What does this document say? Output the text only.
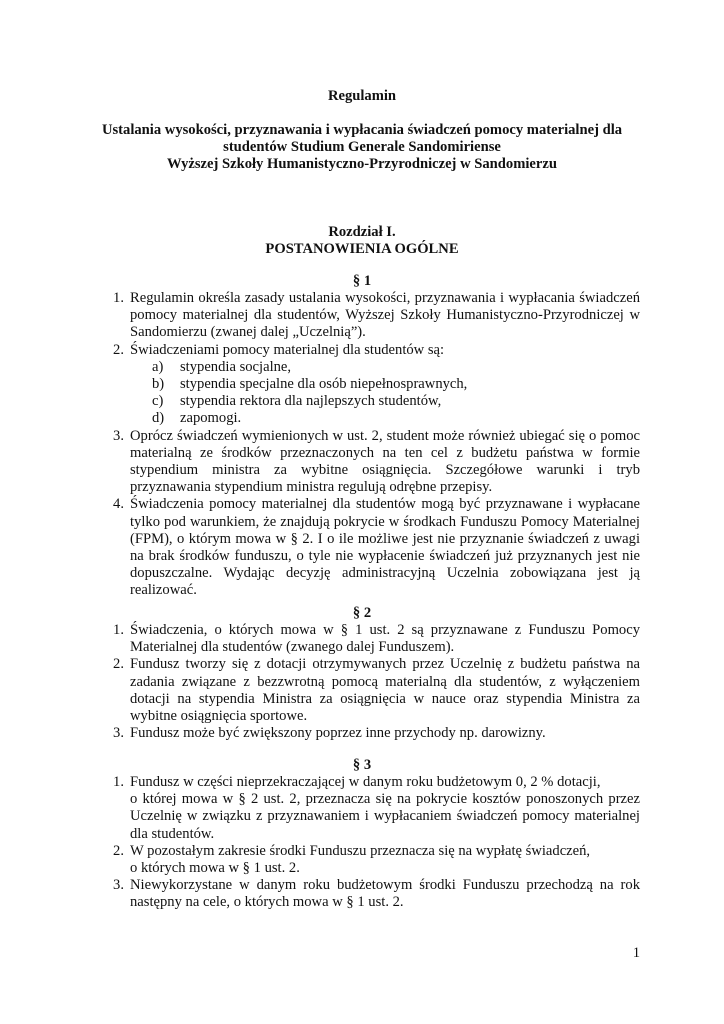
Regulamin
Ustalania wysokości, przyznawania i wypłacania świadczeń pomocy materialnej dla
studentów Studium Generale Sandomiriense
Wyższej Szkoły Humanistyczno-Przyrodniczej w Sandomierzu
Rozdział I.
POSTANOWIENIA OGÓLNE
§ 1
1. Regulamin określa zasady ustalania wysokości, przyznawania i wypłacania świadczeń pomocy materialnej dla studentów, Wyższej Szkoły Humanistyczno-Przyrodniczej w Sandomierzu (zwanej dalej „Uczelnią”).
2. Świadczeniami pomocy materialnej dla studentów są:
a) stypendia socjalne,
b) stypendia specjalne dla osób niepełnosprawnych,
c) stypendia rektora dla najlepszych studentów,
d) zapomogi.
3. Oprócz świadczeń wymienionych w ust. 2, student może również ubiegać się o pomoc materialną ze środków przeznaczonych na ten cel z budżetu państwa w formie stypendium ministra za wybitne osiągnięcia. Szczegółowe warunki i tryb przyznawania stypendium ministra regulują odrębne przepisy.
4. Świadczenia pomocy materialnej dla studentów mogą być przyznawane i wypłacane tylko pod warunkiem, że znajdują pokrycie w środkach Funduszu Pomocy Materialnej (FPM), o którym mowa w § 2. I o ile możliwe jest nie przyznanie świadczeń z uwagi na brak środków funduszu, o tyle nie wypłacenie świadczeń już przyznanych jest nie dopuszczalne. Wydając decyzję administracyjną Uczelnia zobowiązana jest ją realizować.
§ 2
1. Świadczenia, o których mowa w § 1 ust. 2 są przyznawane z Funduszu Pomocy Materialnej dla studentów (zwanego dalej Funduszem).
2. Fundusz tworzy się z dotacji otrzymywanych przez Uczelnię z budżetu państwa na zadania związane z bezzwrotną pomocą materialną dla studentów, z wyłączeniem dotacji na stypendia Ministra za osiągnięcia w nauce oraz stypendia Ministra za wybitne osiągnięcia sportowe.
3. Fundusz może być zwiększony poprzez inne przychody np. darowizny.
§ 3
1. Fundusz w części nieprzekraczającej w danym roku budżetowym 0, 2 % dotacji,
o której mowa w § 2 ust. 2, przeznacza się na pokrycie kosztów ponoszonych przez Uczelnię w związku z przyznawaniem i wypłacaniem świadczeń pomocy materialnej dla studentów.
2. W pozostałym zakresie środki Funduszu przeznacza się na wypłatę świadczeń,
o których mowa w § 1 ust. 2.
3. Niewykorzystane w danym roku budżetowym środki Funduszu przechodzą na rok następny na cele, o których mowa w § 1 ust. 2.
1
